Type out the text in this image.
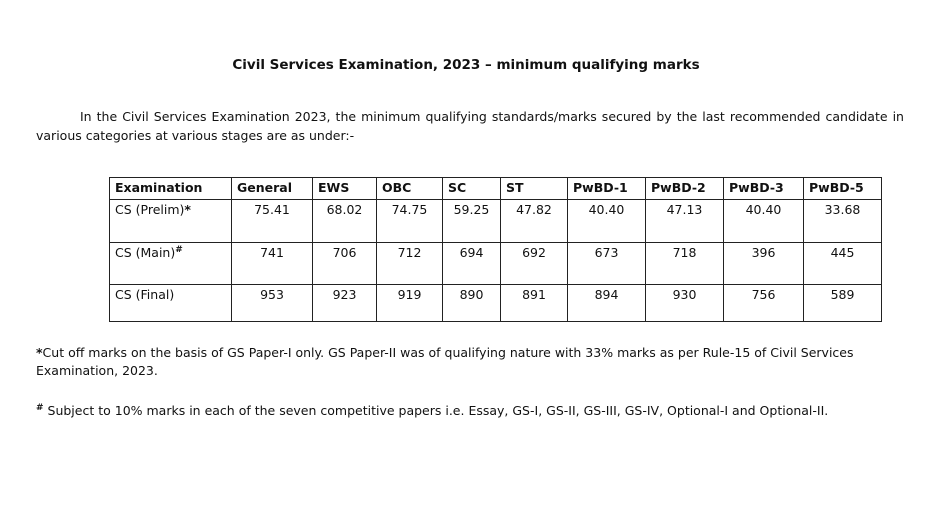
Civil Services Examination, 2023 – minimum qualifying marks

In the Civil Services Examination 2023, the minimum qualifying standards/marks secured by the last recommended candidate in various categories at various stages are as under:-

Examination	General	EWS	OBC	SC	ST	PwBD-1	PwBD-2	PwBD-3	PwBD-5
CS (Prelim)*	75.41	68.02	74.75	59.25	47.82	40.40	47.13	40.40	33.68
CS (Main)#	741	706	712	694	692	673	718	396	445
CS (Final)	953	923	919	890	891	894	930	756	589
*Cut off marks on the basis of GS Paper-I only. GS Paper-II was of qualifying nature with 33% marks as per Rule-15 of Civil Services Examination, 2023.
# Subject to 10% marks in each of the seven competitive papers i.e. Essay, GS-I, GS-II, GS-III, GS-IV, Optional-I and Optional-II.
